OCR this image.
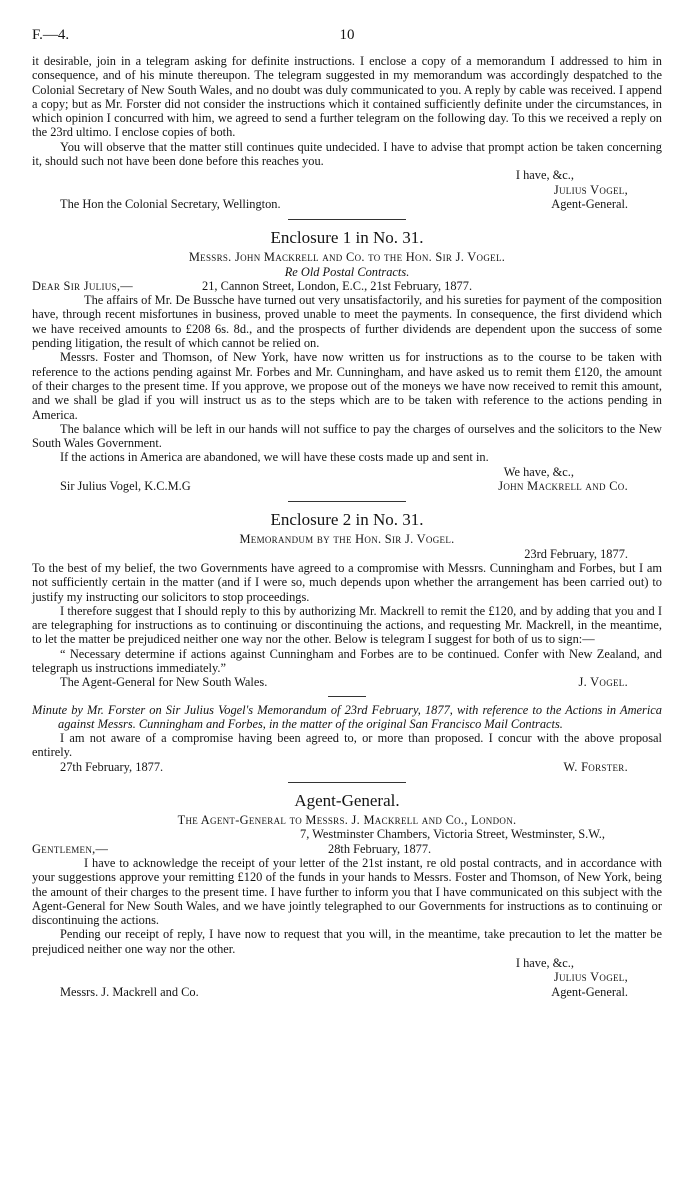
10
F.—4.

it desirable, join in a telegram asking for definite instructions. I enclose a copy of a memorandum I addressed to him in consequence, and of his minute thereupon. The telegram suggested in my memorandum was accordingly despatched to the Colonial Secretary of New South Wales, and no doubt was duly communicated to you. A reply by cable was received. I append a copy; but as Mr. Forster did not consider the instructions which it contained sufficiently definite under the circumstances, in which opinion I concurred with him, we agreed to send a further telegram on the following day. To this we received a reply on the 23rd ultimo. I enclose copies of both.

You will observe that the matter still continues quite undecided. I have to advise that prompt action be taken concerning it, should such not have been done before this reaches you.

I have, &c.,

Julius Vogel,

The Hon the Colonial Secretary, Wellington.	Agent-General.
Enclosure 1 in No. 31.

Messrs. John Mackrell and Co. to the Hon. Sir J. Vogel.

Re Old Postal Contracts.

Dear Sir Julius,—	21, Cannon Street, London, E.C., 21st February, 1877.

The affairs of Mr. De Bussche have turned out very unsatisfactorily, and his sureties for payment of the composition have, through recent misfortunes in business, proved unable to meet the payments. In consequence, the first dividend which we have received amounts to £208 6s. 8d., and the prospects of further dividends are dependent upon the success of some pending litigation, the result of which cannot be relied on.

Messrs. Foster and Thomson, of New York, have now written us for instructions as to the course to be taken with reference to the actions pending against Mr. Forbes and Mr. Cunningham, and have asked us to remit them £120, the amount of their charges to the present time. If you approve, we propose out of the moneys we have now received to remit this amount, and we shall be glad if you will instruct us as to the steps which are to be taken with reference to the actions pending in America.

The balance which will be left in our hands will not suffice to pay the charges of ourselves and the solicitors to the New South Wales Government.

If the actions in America are abandoned, we will have these costs made up and sent in.

We have, &c.,

Sir Julius Vogel, K.C.M.G	John Mackrell and Co.
Enclosure 2 in No. 31.

Memorandum by the Hon. Sir J. Vogel.

23rd February, 1877.

To the best of my belief, the two Governments have agreed to a compromise with Messrs. Cunningham and Forbes, but I am not sufficiently certain in the matter (and if I were so, much depends upon whether the arrangement has been carried out) to justify my instructing our solicitors to stop proceedings.

I therefore suggest that I should reply to this by authorizing Mr. Mackrell to remit the £120, and by adding that you and I are telegraphing for instructions as to continuing or discontinuing the actions, and requesting Mr. Mackrell, in the meantime, to let the matter be prejudiced neither one way nor the other. Below is telegram I suggest for both of us to sign:—

“ Necessary determine if actions against Cunningham and Forbes are to be continued. Confer with New Zealand, and telegraph us instructions immediately.”

The Agent-General for New South Wales.	J. Vogel.

Minute by Mr. Forster on Sir Julius Vogel's Memorandum of 23rd February, 1877, with reference to the Actions in America against Messrs. Cunningham and Forbes, in the matter of the original San Francisco Mail Contracts.

I am not aware of a compromise having been agreed to, or more than proposed. I concur with the above proposal entirely.

27th February, 1877.	W. Forster.
Agent-General.

The Agent-General to Messrs. J. Mackrell and Co., London.

7, Westminster Chambers, Victoria Street, Westminster, S.W.,

Gentlemen,—	28th February, 1877.

I have to acknowledge the receipt of your letter of the 21st instant, re old postal contracts, and in accordance with your suggestions approve your remitting £120 of the funds in your hands to Messrs. Foster and Thomson, of New York, being the amount of their charges to the present time. I have further to inform you that I have communicated on this subject with the Agent-General for New South Wales, and we have jointly telegraphed to our Governments for instructions as to continuing or discontinuing the actions.

Pending our receipt of reply, I have now to request that you will, in the meantime, take precaution to let the matter be prejudiced neither one way nor the other.

I have, &c.,

Julius Vogel,

Messrs. J. Mackrell and Co.	Agent-General.
